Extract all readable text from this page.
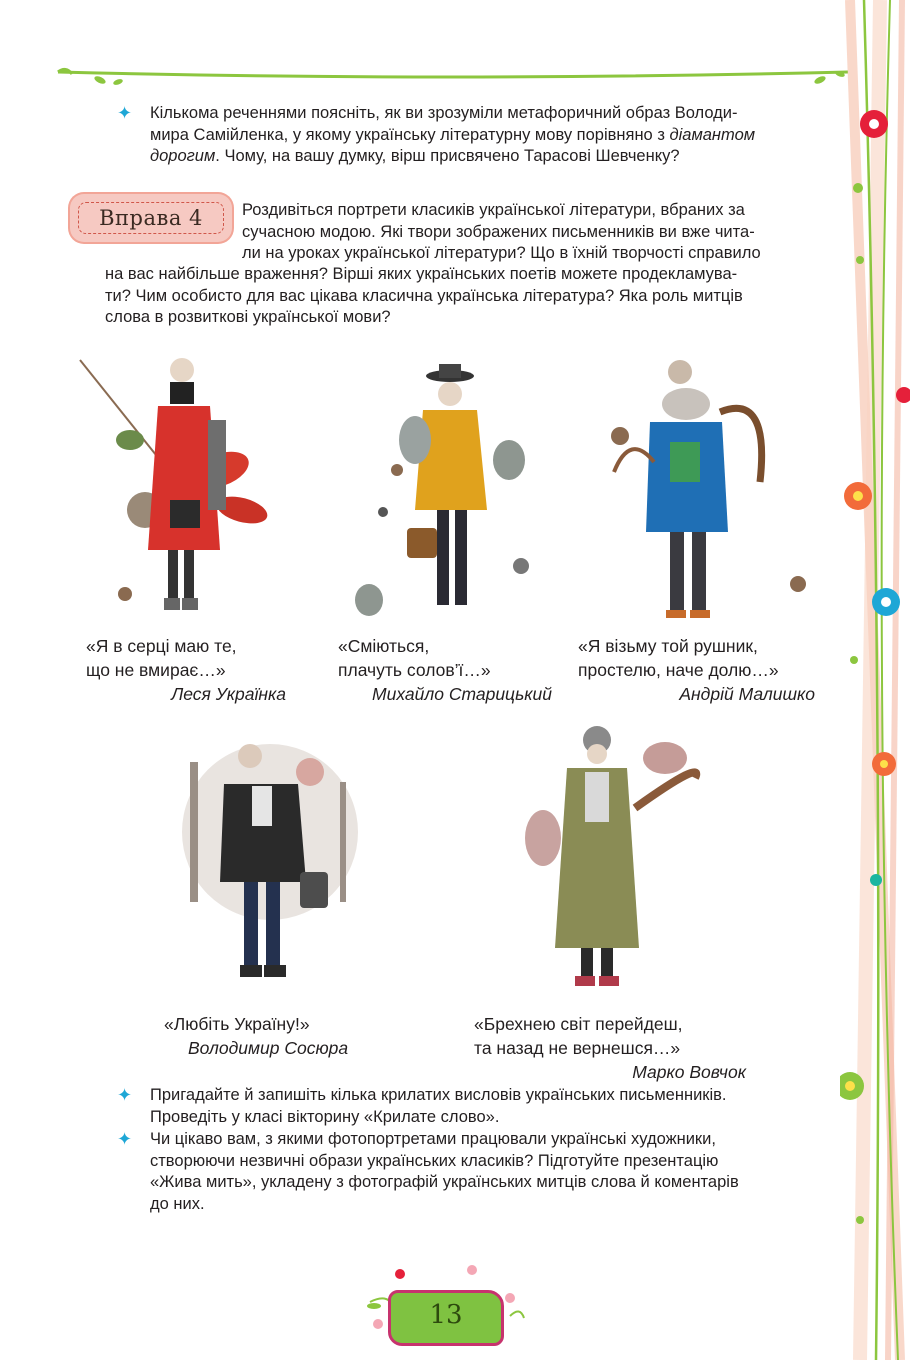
✦ Кількома реченнями поясніть, як ви зрозуміли метафоричний образ Володи-
мира Самійленка, у якому українську літературну мову порівняно з діамантом
дорогим. Чому, на вашу думку, вірш присвячено Тарасові Шевченку?
Вправа 4	Роздивіться портрети класиків української літератури, вбраних за
сучасною модою. Які твори зображених письменників ви вже чита-
ли на уроках української літератури? Що в їхній творчості справило
на вас найбільше враження? Вірші яких українських поетів можете продекламува-
ти? Чим особисто для вас цікава класична українська література? Яка роль митців
слова в розвиткові української мови?
«Я в серці маю те,
що не вмирає…»
Леся Українка
«Сміються,
плачуть солов’ї…»
Михайло Старицький
«Я візьму той рушник,
простелю, наче долю…»
Андрій Малишко
«Любіть Україну!»
Володимир Сосюра
«Брехнею світ перейдеш,
та назад не вернешся…»
Марко Вовчок
✦ Пригадайте й запишіть кілька крилатих висловів українських письменників.
Проведіть у класі вікторину «Крилате слово».
✦ Чи цікаво вам, з якими фотопортретами працювали українські художники,
створюючи незвичні образи українських класиків? Підготуйте презентацію
«Жива мить», укладену з фотографій українських митців слова й коментарів
до них.
13
